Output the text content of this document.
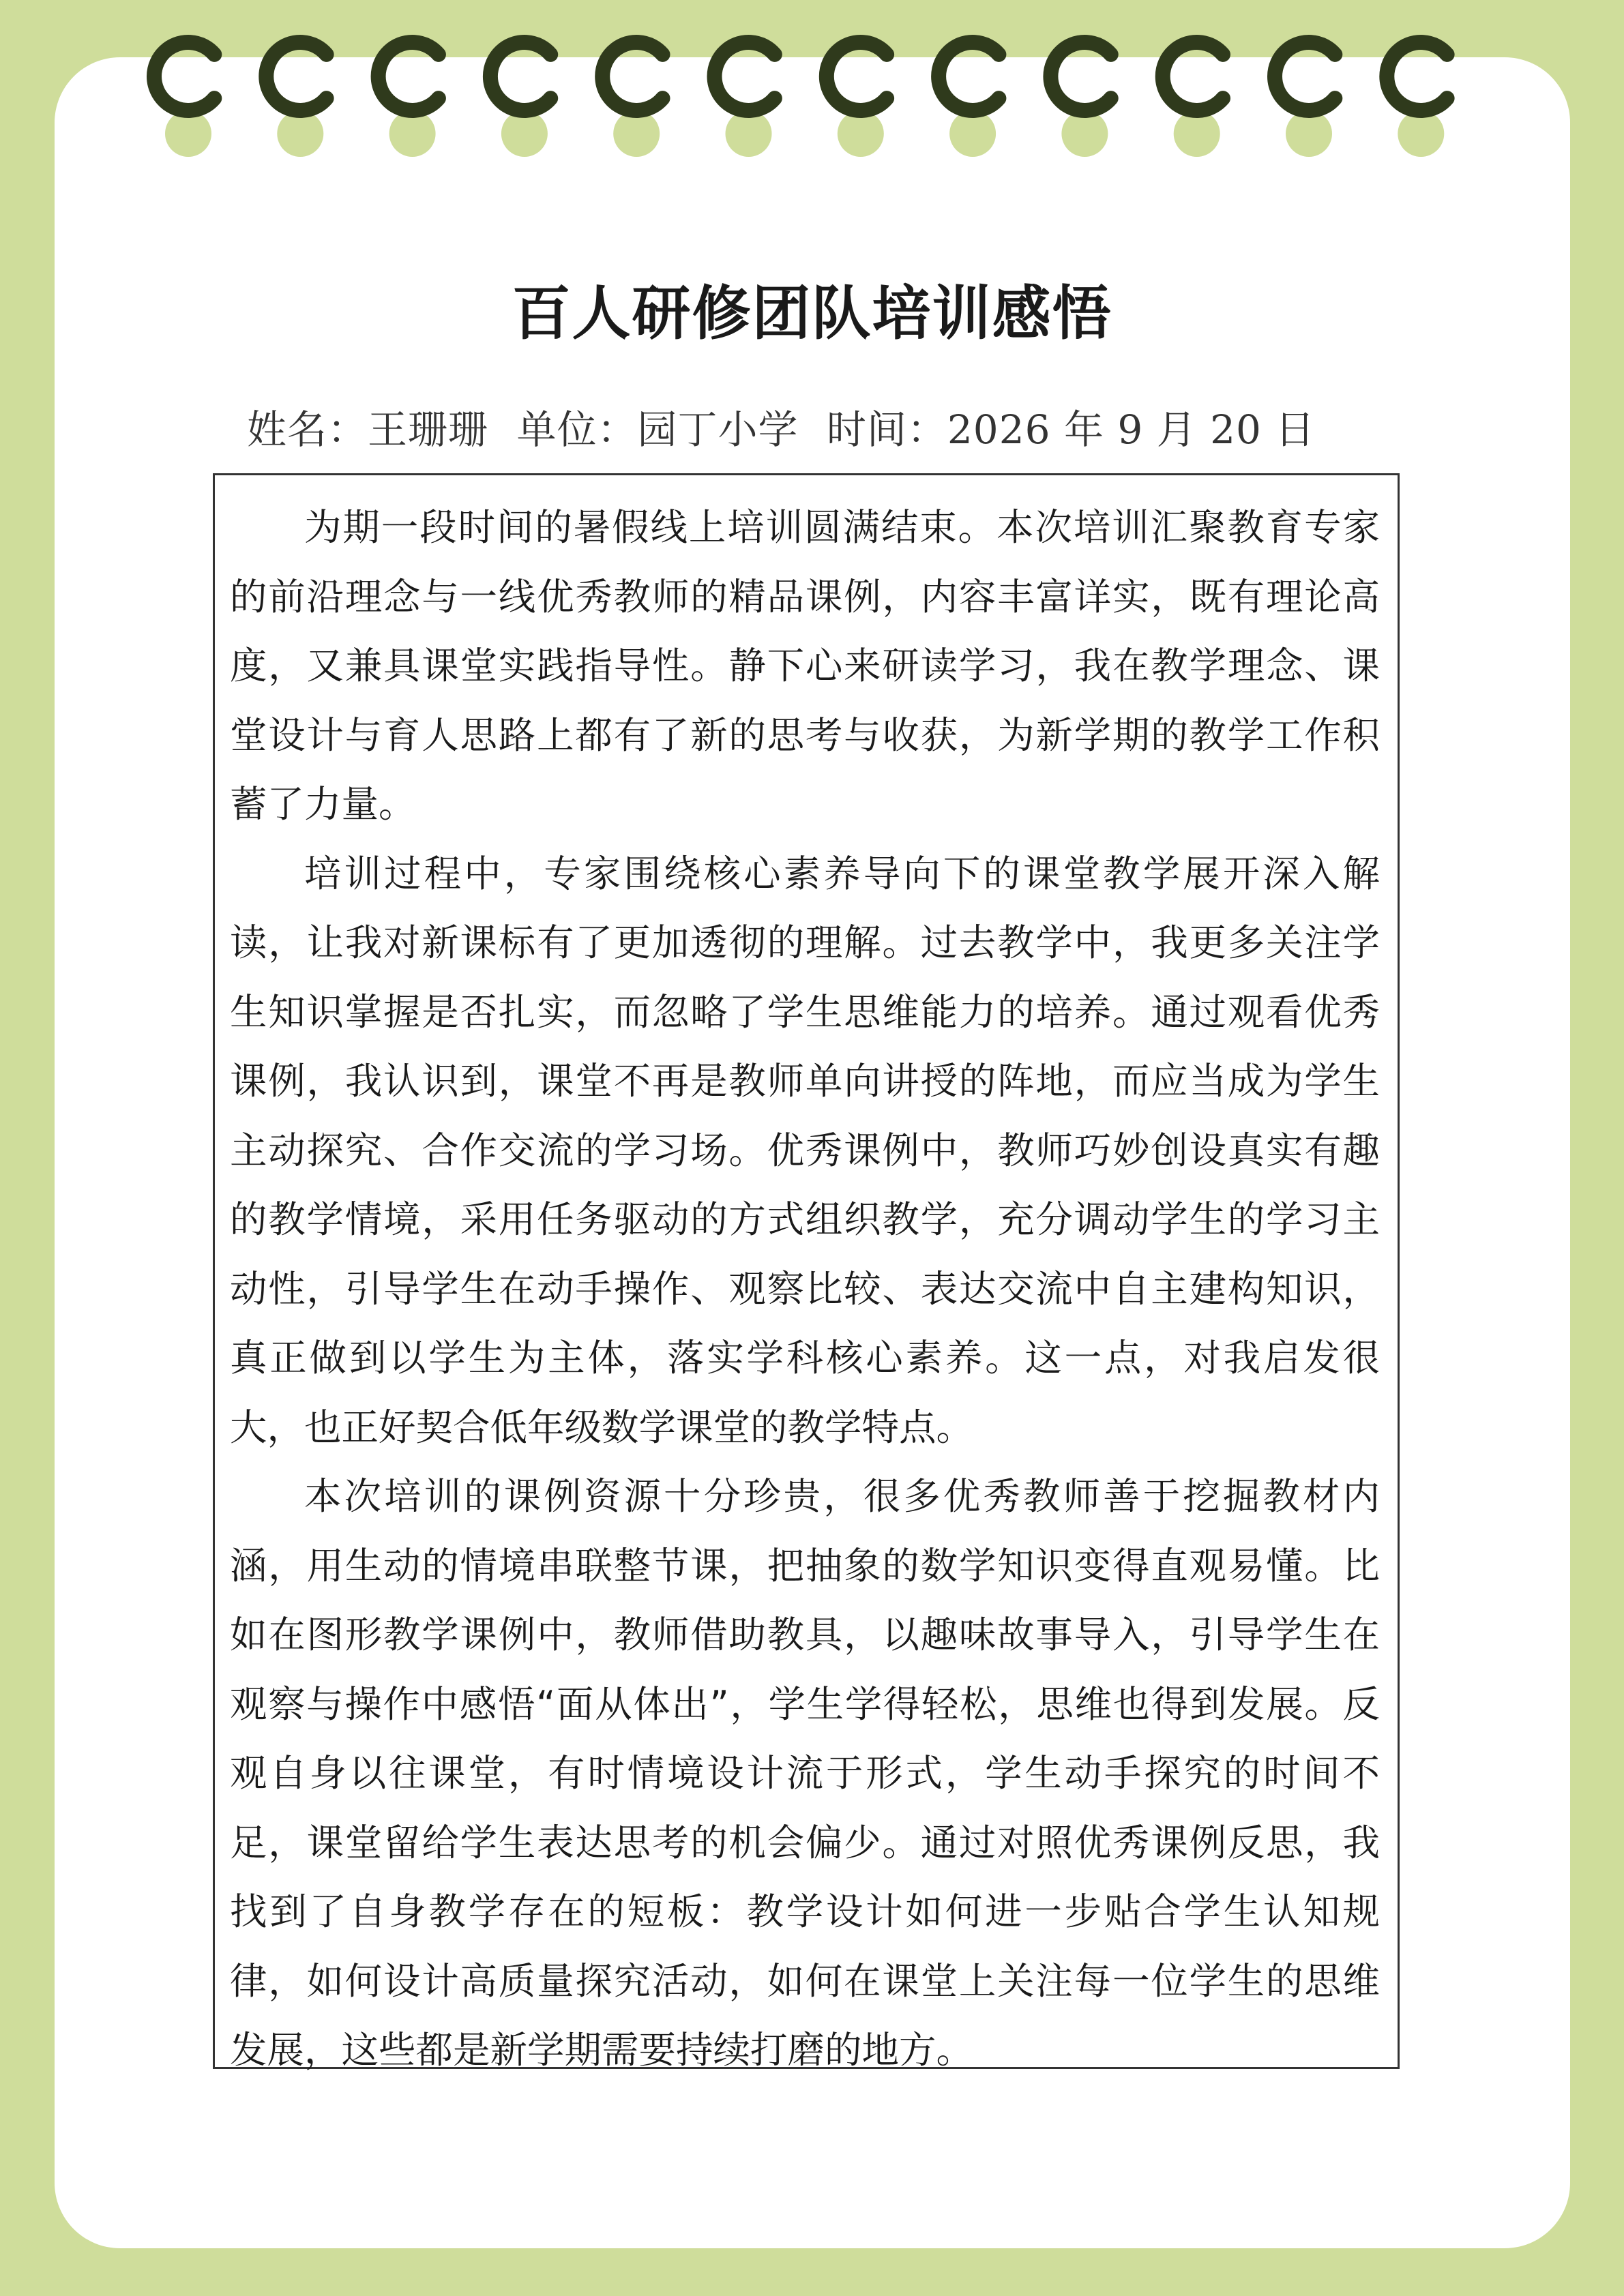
百人研修团队培训感悟
姓名：王珊珊 单位：园丁小学 时间：2026 年 9 月 20 日

为期一段时间的暑假线上培训圆满结束。本次培训汇聚教育专家的前沿理念与一线优秀教师的精品课例，内容丰富详实，既有理论高度，又兼具课堂实践指导性。静下心来研读学习，我在教学理念、课堂设计与育人思路上都有了新的思考与收获，为新学期的教学工作积蓄了力量。

培训过程中，专家围绕核心素养导向下的课堂教学展开深入解读，让我对新课标有了更加透彻的理解。过去教学中，我更多关注学生知识掌握是否扎实，而忽略了学生思维能力的培养。通过观看优秀课例，我认识到，课堂不再是教师单向讲授的阵地，而应当成为学生主动探究、合作交流的学习场。优秀课例中，教师巧妙创设真实有趣的教学情境，采用任务驱动的方式组织教学，充分调动学生的学习主动性，引导学生在动手操作、观察比较、表达交流中自主建构知识，真正做到以学生为主体，落实学科核心素养。这一点，对我启发很大，也正好契合低年级数学课堂的教学特点。

本次培训的课例资源十分珍贵，很多优秀教师善于挖掘教材内涵，用生动的情境串联整节课，把抽象的数学知识变得直观易懂。比如在图形教学课例中，教师借助教具，以趣味故事导入，引导学生在观察与操作中感悟“面从体出”，学生学得轻松，思维也得到发展。反观自身以往课堂，有时情境设计流于形式，学生动手探究的时间不足，课堂留给学生表达思考的机会偏少。通过对照优秀课例反思，我找到了自身教学存在的短板：教学设计如何进一步贴合学生认知规律，如何设计高质量探究活动，如何在课堂上关注每一位学生的思维发展，这些都是新学期需要持续打磨的地方。
